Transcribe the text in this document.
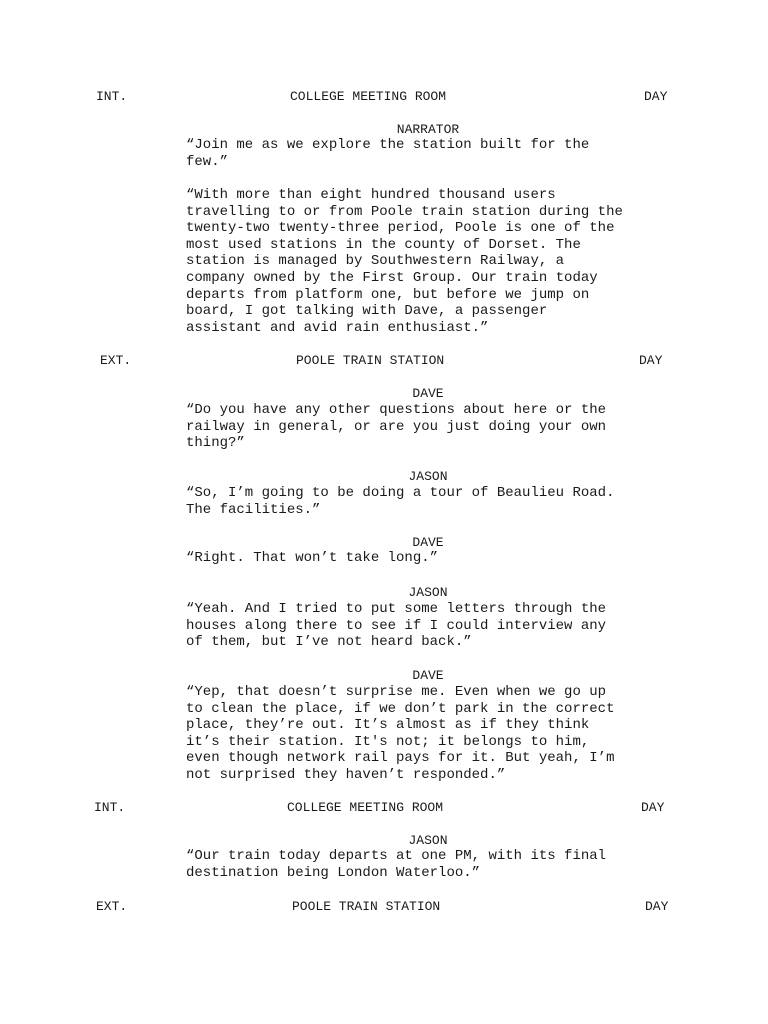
INT.	COLLEGE MEETING ROOM	DAY
NARRATOR
“Join me as we explore the station built for the
few.”
“With more than eight hundred thousand users
travelling to or from Poole train station during the
twenty-two twenty-three period, Poole is one of the
most used stations in the county of Dorset. The
station is managed by Southwestern Railway, a
company owned by the First Group. Our train today
departs from platform one, but before we jump on
board, I got talking with Dave, a passenger
assistant and avid rain enthusiast.”
EXT.	POOLE TRAIN STATION	DAY
DAVE
“Do you have any other questions about here or the
railway in general, or are you just doing your own
thing?”
JASON
“So, I’m going to be doing a tour of Beaulieu Road.
The facilities.”
DAVE
“Right. That won’t take long.”
JASON
“Yeah. And I tried to put some letters through the
houses along there to see if I could interview any
of them, but I’ve not heard back.”
DAVE
“Yep, that doesn’t surprise me. Even when we go up
to clean the place, if we don’t park in the correct
place, they’re out. It’s almost as if they think
it’s their station. It's not; it belongs to him,
even though network rail pays for it. But yeah, I’m
not surprised they haven’t responded.”
INT.	COLLEGE MEETING ROOM	DAY
JASON
“Our train today departs at one PM, with its final
destination being London Waterloo.”
EXT.	POOLE TRAIN STATION	DAY
